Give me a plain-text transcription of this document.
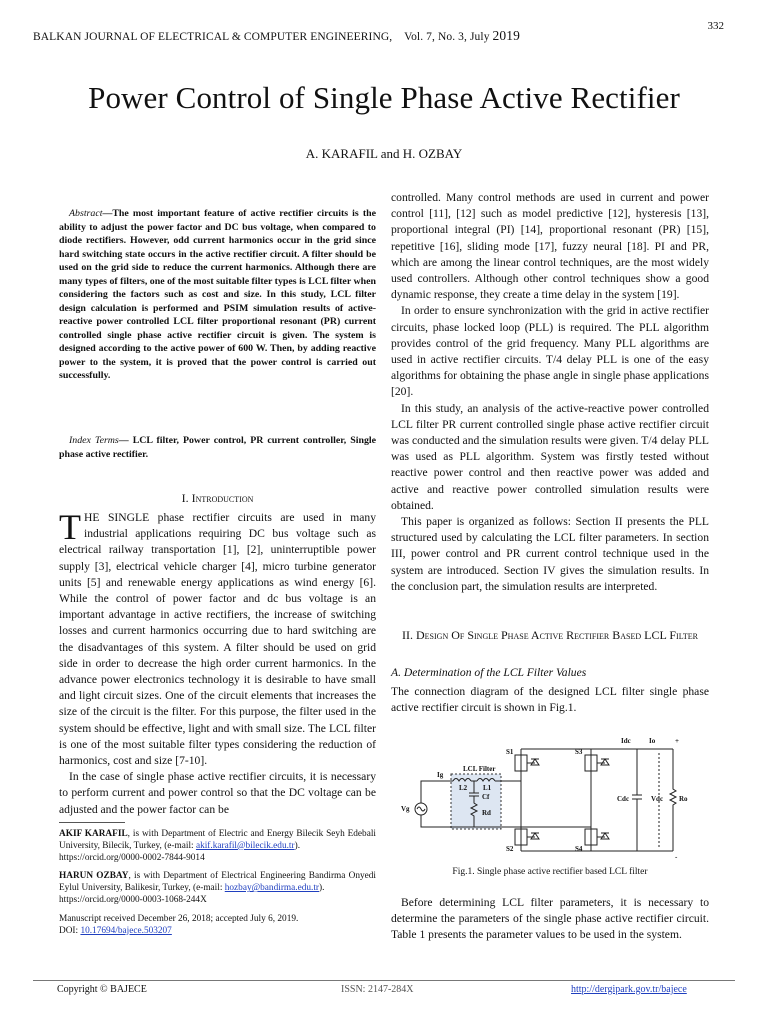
332
BALKAN JOURNAL OF ELECTRICAL & COMPUTER ENGINEERING, Vol. 7, No. 3, July 2019
Power Control of Single Phase Active Rectifier
A. KARAFIL and H. OZBAY

Abstract—The most important feature of active rectifier circuits is the ability to adjust the power factor and DC bus voltage, when compared to diode rectifiers. However, odd current harmonics occur in the grid since hard switching state occurs in the active rectifier circuit. A filter should be used on the grid side to reduce the current harmonics. Although there are many types of filters, one of the most suitable filter types is LCL filter when considering the factors such as cost and size. In this study, LCL filter design calculation is performed and PSIM simulation results of active-reactive power controlled LCL filter proportional resonant (PR) current controlled single phase active rectifier circuit is given. The system is designed according to the active power of 600 W. Then, by adding reactive power to the system, it is proved that the power control is carried out successfully.

Index Terms— LCL filter, Power control, PR current controller, Single phase active rectifier.

I. Introduction

THE SINGLE phase rectifier circuits are used in many industrial applications requiring DC bus voltage such as electrical railway transportation [1], [2], uninterruptible power supply [3], electrical vehicle charger [4], micro turbine generator units [5] and renewable energy applications as wind energy [6]. While the control of power factor and dc bus voltage is an important advantage in active rectifiers, the increase of switching losses and current harmonics occurring due to hard switching are the disadvantages of this system. A filter should be used on grid side in order to decrease the high order current harmonics. In the advance power electronics technology it is desirable to have small and light circuit sizes. One of the circuit elements that increases the size of the circuit is the filter. For this purpose, the filter used in the system should be effective, light and with small size. The LCL filter is one of the most suitable filter types considering the reduction of harmonics, cost and size [7-10].

In the case of single phase active rectifier circuits, it is necessary to perform current and power control so that the DC voltage can be adjusted and the power factor can be

AKIF KARAFIL, is with Department of Electric and Energy Bilecik Seyh Edebali University, Bilecik, Turkey, (e-mail: akif.karafil@bilecik.edu.tr).
https://orcid.org/0000-0002-7844-9014

HARUN OZBAY, is with Department of Electrical Engineering Bandirma Onyedi Eylul University, Balikesir, Turkey, (e-mail: hozbay@bandirma.edu.tr).
https://orcid.org/0000-0003-1068-244X

Manuscript received December 26, 2018; accepted July 6, 2019.

DOI: 10.17694/bajece.503207

controlled. Many control methods are used in current and power control [11], [12] such as model predictive [12], hysteresis [13], proportional integral (PI) [14], proportional resonant (PR) [15], repetitive [16], sliding mode [17], fuzzy neural [18]. PI and PR, which are among the linear control techniques, are the most widely used controllers. Although other control techniques show a good dynamic response, they create a time delay in the system [19].

In order to ensure synchronization with the grid in active rectifier circuits, phase locked loop (PLL) is required. The PLL algorithm provides control of the grid frequency. Many PLL algorithms are used in active rectifier circuits. T/4 delay PLL is one of the easy algorithms for obtaining the phase angle in single phase applications [20].

In this study, an analysis of the active-reactive power controlled LCL filter PR current controlled single phase active rectifier circuit was conducted and the simulation results were given. T/4 delay PLL was used as PLL algorithm. System was firstly tested without reactive power control and then reactive power was added and active and reactive power controlled simulation results were obtained.

This paper is organized as follows: Section II presents the PLL structured used by calculating the LCL filter parameters. In section III, power control and PR current control technique used in the system are introduced. Section IV gives the simulation results. In the conclusion part, the simulation results are interpreted.

II. Design Of Single Phase Active Rectifier Based LCL Filter
A. Determination of the LCL Filter Values

The connection diagram of the designed LCL filter single phase active rectifier circuit is shown in Fig.1.

LCL Filter
Ig
L2 L1
Cf
Rd
Vg
S1
S2
S3
S4
Idc	Io	+
-
Cdc	Vdc Ro
Fig.1. Single phase active rectifier based LCL filter

Before determining LCL filter parameters, it is necessary to determine the parameters of the single phase active rectifier circuit. Table 1 presents the parameter values to be used in the system.

Copyright © BAJECE	ISSN: 2147-284X	http://dergipark.gov.tr/bajece
